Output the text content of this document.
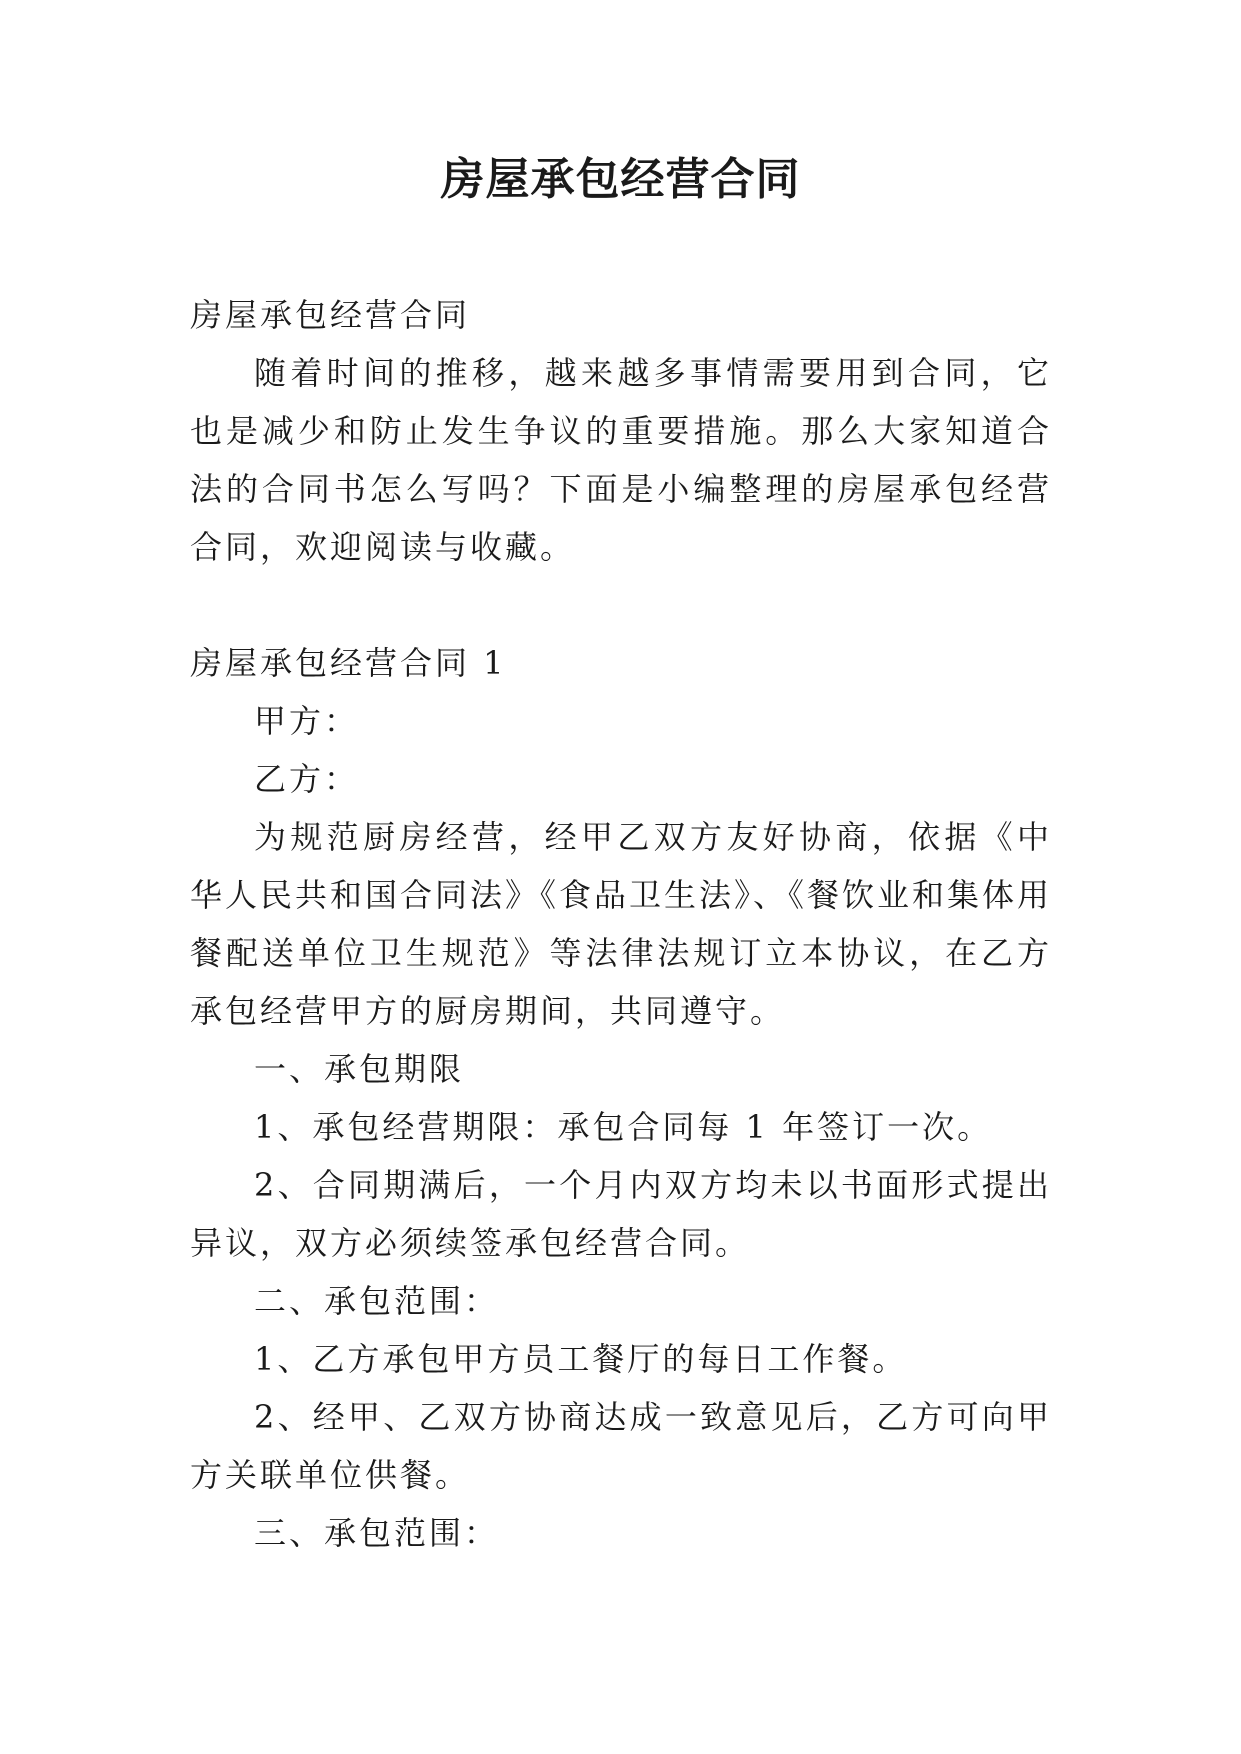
房屋承包经营合同

房屋承包经营合同

随着时间的推移，越来越多事情需要用到合同，它也是减少和防止发生争议的重要措施。那么大家知道合法的合同书怎么写吗？下面是小编整理的房屋承包经营合同，欢迎阅读与收藏。

房屋承包经营合同 1

甲方：

乙方：

为规范厨房经营，经甲乙双方友好协商，依据《中华人民共和国合同法》《食品卫生法》、《餐饮业和集体用餐配送单位卫生规范》等法律法规订立本协议，在乙方承包经营甲方的厨房期间，共同遵守。

一、承包期限

1、承包经营期限：承包合同每 1 年签订一次。

2、合同期满后，一个月内双方均未以书面形式提出异议，双方必须续签承包经营合同。

二、承包范围：

1、乙方承包甲方员工餐厅的每日工作餐。

2、经甲、乙双方协商达成一致意见后，乙方可向甲方关联单位供餐。

三、承包范围：
